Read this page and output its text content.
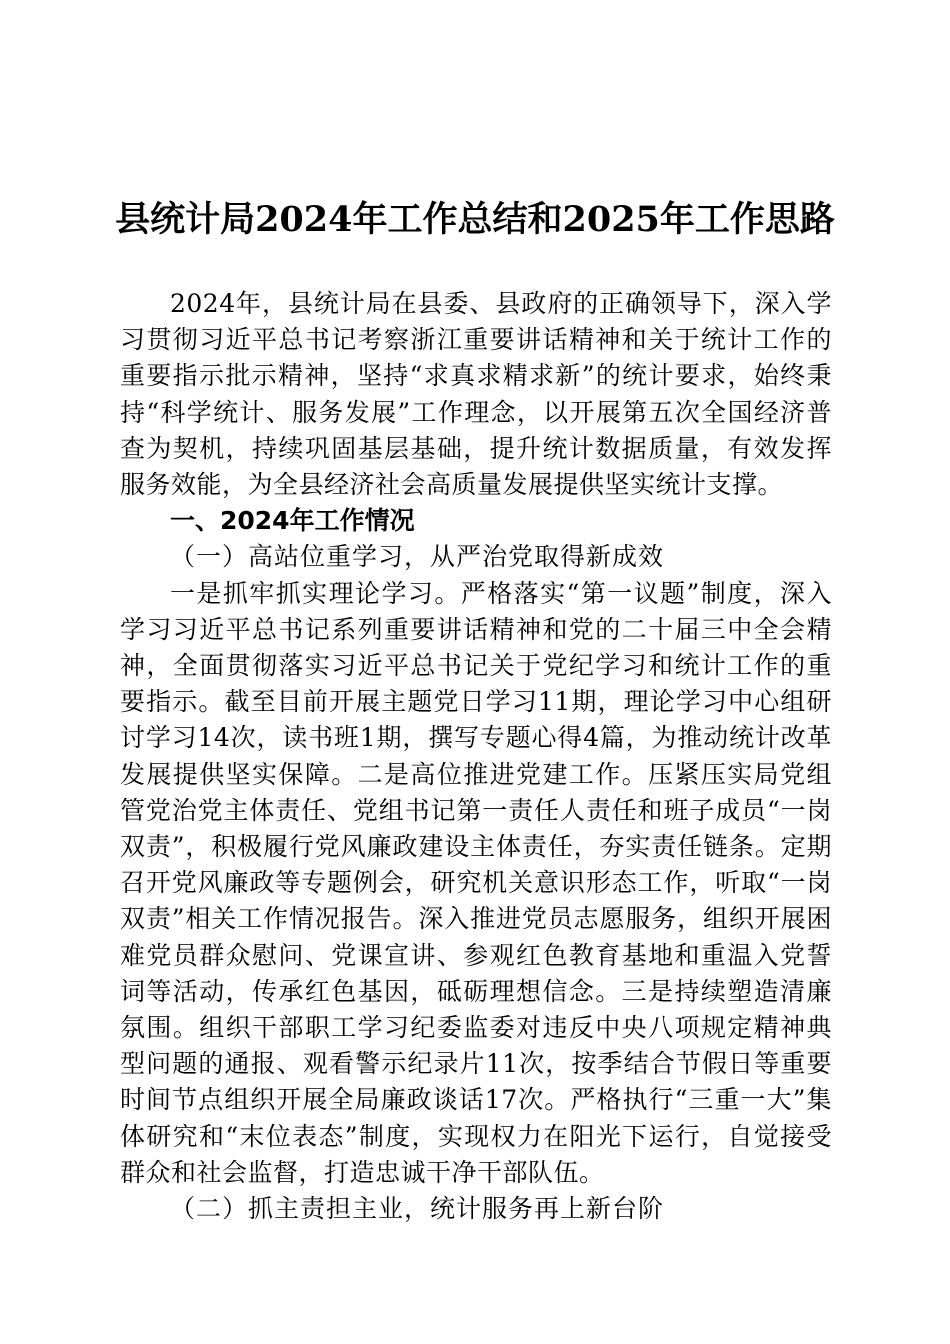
县统计局2024年工作总结和2025年工作思路

2024年，县统计局在县委、县政府的正确领导下，深入学习贯彻习近平总书记考察浙江重要讲话精神和关于统计工作的重要指示批示精神，坚持“求真求精求新”的统计要求，始终秉持“科学统计、服务发展”工作理念，以开展第五次全国经济普查为契机，持续巩固基层基础，提升统计数据质量，有效发挥服务效能，为全县经济社会高质量发展提供坚实统计支撑。

一、2024年工作情况

（一）高站位重学习，从严治党取得新成效

一是抓牢抓实理论学习。严格落实“第一议题”制度，深入学习习近平总书记系列重要讲话精神和党的二十届三中全会精神，全面贯彻落实习近平总书记关于党纪学习和统计工作的重要指示。截至目前开展主题党日学习11期，理论学习中心组研讨学习14次，读书班1期，撰写专题心得4篇，为推动统计改革发展提供坚实保障。二是高位推进党建工作。压紧压实局党组管党治党主体责任、党组书记第一责任人责任和班子成员“一岗双责”，积极履行党风廉政建设主体责任，夯实责任链条。定期召开党风廉政等专题例会，研究机关意识形态工作，听取“一岗双责”相关工作情况报告。深入推进党员志愿服务，组织开展困难党员群众慰问、党课宣讲、参观红色教育基地和重温入党誓词等活动，传承红色基因，砥砺理想信念。三是持续塑造清廉氛围。组织干部职工学习纪委监委对违反中央八项规定精神典型问题的通报、观看警示纪录片11次，按季结合节假日等重要时间节点组织开展全局廉政谈话17次。严格执行“三重一大”集体研究和“末位表态”制度，实现权力在阳光下运行，自觉接受群众和社会监督，打造忠诚干净干部队伍。

（二）抓主责担主业，统计服务再上新台阶
